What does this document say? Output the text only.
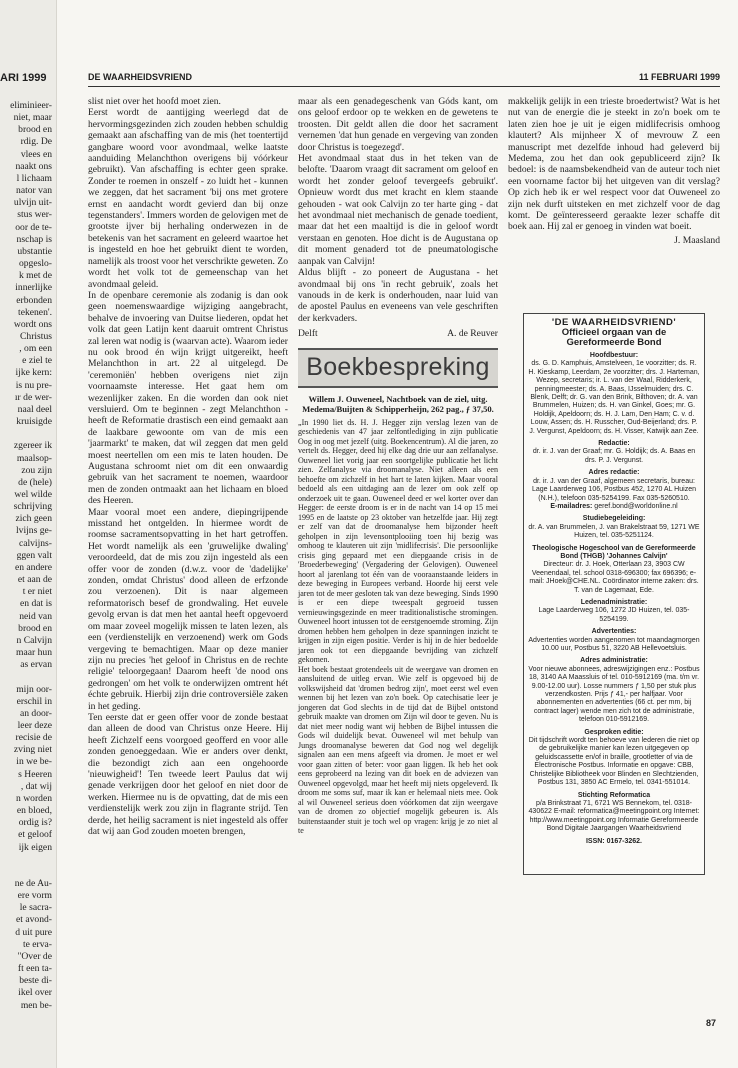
ARI 1999
eliminieer-
niet, maar
brood en
rdig. De
vlees en
naakt ons
l lichaam
nator van
ulvijn uit-
stus wer-
oor de te-
nschap is
ubstantie
opgeslo-
k met de
innerlijke
erbonden
tekenen'.
wordt ons
Christus
, om een
e ziel te
ijke kern:
is nu pre-
ır de wer-
naal deel
kruisigde

zgereer ik
maalsop-
zou zijn
de (hele)
wel wilde
schrijving
zich geen
lvijns ge-
calvijns-
ggen valt
en andere
et aan de
t er niet
en dat is
neid van
brood en
n Calvijn
maar hun
as ervan

mijn oor-
erschil in
an door-
leer deze
recisie de
zving niet
in we be-
s Heeren
, dat wij
n worden
en bloed,
ordig is?
et geloof
ijk eigen

ne de Au-
ere vorm
le sacra-
et avond-
d uit pure
te erva-
"Over de
ft een ta-
beste di-
ikel over
men be-
DE WAARHEIDSVRIEND	11 FEBRUARI 1999

slist niet over het hoofd moet zien.

Eerst wordt de aantijging weerlegd dat de hervormingsgezinden zich zouden hebben schuldig gemaakt aan afschaffing van de mis (het toentertijd gangbare woord voor avondmaal, welke laatste aanduiding Melanchthon overigens bij vóórkeur gebruikt). Van afschaffing is echter geen sprake. Zonder te roemen in onszelf - zo luidt het - kunnen we zeggen, dat het sacrament 'bij ons met grotere ernst en aandacht wordt gevierd dan bij onze tegenstanders'. Immers worden de gelovigen met de grootste ijver bij herhaling onderwezen in de betekenis van het sacrament en geleerd waartoe het is ingesteld en hoe het gebruikt dient te worden, namelijk als troost voor het verschrikte geweten. Zo wordt het volk tot de gemeenschap van het avondmaal geleid.

In de openbare ceremonie als zodanig is dan ook geen noemenswaardige wijziging aangebracht, behalve de invoering van Duitse liederen, opdat het volk dat geen Latijn kent daaruit omtrent Christus zal leren wat nodig is (waarvan acte). Waarom ieder nu ook brood én wijn krijgt uitgereikt, heeft Melanchthon in art. 22 al uitgelegd. De 'ceremoniën' hebben overigens niet zijn voornaamste interesse. Het gaat hem om wezenlijker zaken. En die worden dan ook niet versluierd. Om te beginnen - zegt Melanchthon - heeft de Reformatie drastisch een eind gemaakt aan de laakbare gewoonte om van de mis een 'jaarmarkt' te maken, dat wil zeggen dat men geld moest neertellen om een mis te laten houden. De Augustana schroomt niet om dit een onwaardig gebruik van het sacrament te noemen, waardoor men de zonden ontmaakt aan het lichaam en bloed des Heeren.

Maar vooral moet een andere, diepingrijpende misstand het ontgelden. In hiermee wordt de roomse sacramentsopvatting in het hart getroffen. Het wordt namelijk als een 'gruwelijke dwaling' veroordeeld, dat de mis zou zijn ingesteld als een offer voor de zonden (d.w.z. voor de 'dadelijke' zonden, omdat Christus' dood alleen de erfzonde zou verzoenen). Dit is naar algemeen reformatorisch besef de grondwaling. Het euvele gevolg ervan is dat men het aantal heeft opgevoerd om maar zoveel mogelijk missen te laten lezen, als een (verdienstelijk en verzoenend) werk om Gods vergeving te bemachtigen. Maar op deze manier zijn nu precies 'het geloof in Christus en de rechte religie' teloorgegaan! Daarom heeft 'de nood ons gedrongen' om het volk te onderwijzen omtrent hét échte gebruik. Hierbij zijn drie controversiële zaken in het geding.

Ten eerste dat er geen offer voor de zonde bestaat dan alleen de dood van Christus onze Heere. Hij heeft Zichzelf eens voorgoed geofferd en voor alle zonden genoeggedaan. Wie er anders over denkt, die bezondigt zich aan een ongehoorde 'nieuwigheid'! Ten tweede leert Paulus dat wij genade verkrijgen door het geloof en niet door de werken. Hiermee nu is de opvatting, dat de mis een verdienstelijk werk zou zijn in flagrante strijd. Ten derde, het heilig sacrament is niet ingesteld als offer dat wij aan God zouden moeten brengen,

maar als een genadegeschenk van Góds kant, om ons geloof erdoor op te wekken en de gewetens te troosten. Dit geldt allen die door het sacrament vernemen 'dat hun genade en vergeving van zonden door Christus is toegezegd'.

Het avondmaal staat dus in het teken van de belofte. 'Daarom vraagt dit sacrament om geloof en wordt het zonder geloof tevergeefs gebruikt'. Opnieuw wordt dus met kracht en klem staande gehouden - wat ook Calvijn zo ter harte ging - dat het avondmaal niet mechanisch de genade toedient, maar dat het een maaltijd is die in geloof wordt verstaan en genoten. Hoe dicht is de Augustana op dit moment genaderd tot de pneumatologische aanpak van Calvijn!

Aldus blijft - zo poneert de Augustana - het avondmaal bij ons 'in recht gebruik', zoals het vanouds in de kerk is onderhouden, naar luid van de apostel Paulus en eveneens van vele geschriften der kerkvaders.

Delft	A. de Reuver
Boekbespreking
Willem J. Ouweneel, Nachtboek van de ziel, uitg. Medema/Buijten & Schipperheijn, 262 pag., ƒ 37,50.

„In 1990 liet ds. H. J. Hegger zijn verslag lezen van de geschiedenis van 47 jaar zelfontlediging in zijn publicatie Oog in oog met jezelf (uitg. Boekencentrum). Al die jaren, zo vertelt ds. Hegger, deed hij elke dag drie uur aan zelfanalyse. Ouweneel liet vorig jaar een soortgelijke publicatie het licht zien. Zelfanalyse via droomanalyse. Niet alleen als een behoefte om zichzelf in het hart te laten kijken. Maar vooral bedoeld als een uitdaging aan de lezer om ook zelf op onderzoek uit te gaan. Ouweneel deed er wel korter over dan Hegger: de eerste droom is er in de nacht van 14 op 15 mei 1995 en de laatste op 23 oktober van hetzelfde jaar. Hij zegt er zelf van dat de droomanalyse hem bijzonder heeft geholpen in zijn levensontplooiing toen hij bezig was omhoog te klauteren uit zijn 'midlifecrisis'. Die persoonlijke crisis ging gepaard met een diepgaande crisis in de 'Broederbeweging' (Vergadering der Gelovigen). Ouweneel hoort al jarenlang tot één van de vooraanstaande leiders in deze beweging in Europees verband. Hoorde hij eerst vele jaren tot de meer gesloten tak van deze beweging. Sinds 1990 is er een diepe tweespalt gegroeid tussen vernieuwingsgezinde en meer traditionalistische stromingen. Ouweneel hoort intussen tot de eerstgenoemde stroming. Zijn dromen hebben hem geholpen in deze spanningen inzicht te krijgen in zijn eigen positie. Verder is hij in de hier bedoelde jaren ook tot een diepgaande bevrijding van zichzelf gekomen.

Het boek bestaat grotendeels uit de weergave van dromen en aansluitend de uitleg ervan. Wie zelf is opgevoed bij de volkswijsheid dat 'dromen bedrog zijn', moet eerst wel even wennen bij het lezen van zo'n boek. Op catechisatie leer je jongeren dat God slechts in de tijd dat de Bijbel ontstond gebruik maakte van dromen om Zijn wil door te geven. Nu is dat niet meer nodig want wij hebben de Bijbel intussen die Gods wil duidelijk bevat. Ouweneel wil met behulp van Jungs droomanalyse beweren dat God nog wel degelijk signalen aan een mens afgeeft via dromen. Je moet er wel voor gaan zitten of beter: voor gaan liggen. Ik heb het ook eens geprobeerd na lezing van dit boek en de adviezen van Ouweneel opgevolgd, maar het heeft mij niets opgeleverd. Ik droom me soms suf, maar ik kan er helemaal niets mee. Ook al wil Ouweneel serieus doen vóórkomen dat zijn weergave van de dromen zo objectief mogelijk gebeuren is. Als buitenstaander stuit je toch wel op vragen: krijg je zo niet al te

makkelijk gelijk in een trieste broedertwist? Wat is het nut van de energie die je steekt in zo'n boek om te laten zien hoe je uit je eigen midlifecrisis omhoog klautert? Als mijnheer X of mevrouw Z een manuscript met dezelfde inhoud had geleverd bij Medema, zou het dan ook gepubliceerd zijn? Ik bedoel: is de naamsbekendheid van de auteur toch niet een voorname factor bij het uitgeven van dit verslag? Op zich heb ik er wel respect voor dat Ouweneel zo zijn nek durft uitsteken en met zichzelf voor de dag komt. De geïnteresseerd geraakte lezer schaffe dit boek aan. Hij zal er genoeg in vinden wat boeit.

J. Maasland
'DE WAARHEIDSVRIEND'
Officieel orgaan van de Gereformeerde Bond
Hoofdbestuur:
ds. G. D. Kamphuis, Amstelveen, 1e voorzitter; ds. R. H. Kieskamp, Leerdam, 2e voorzitter; drs. J. Harteman, Wezep, secretaris; ir. L. van der Waal, Ridderkerk, penningmeester; ds. A. Baas, IJsselmuiden; drs. C. Blenk, Delft; dr. G. van den Brink, Bilthoven; dr. A. van Brummelen, Huizen; ds. H. van Ginkel, Goes; mr. G. Holdijk, Apeldoorn; ds. H. J. Lam, Den Ham; C. v. d. Louw, Assen; ds. H. Russcher, Oud-Beijerland; drs. P. J. Vergunst, Apeldoorn; ds. H. Visser, Katwijk aan Zee.
Redactie:
dr. ir. J. van der Graaf; mr. G. Holdijk; ds. A. Baas en drs. P. J. Vergunst.
Adres redactie:
dr. ir. J. van der Graaf, algemeen secretaris, bureau: Lage Laarderweg 106, Postbus 452, 1270 AL Huizen (N.H.), telefoon 035-5254199. Fax 035-5260510.
E-mailadres: geref.bond@worldonline.nl
Studiebegeleiding:
dr. A. van Brummelen, J. van Brakelstraat 59, 1271 WE Huizen, tel. 035-5251124.
Theologische Hogeschool van de Gereformeerde Bond (THGB) 'Johannes Calvijn'
Directeur: dr. J. Hoek, Otterlaan 23, 3903 CW Veenendaal, tel. school 0318-696300; fax 696396; e-mail: JHoek@CHE.NL. Coördinator interne zaken: drs. T. van de Lagemaat, Ede.
Ledenadministratie:
Lage Laarderweg 106, 1272 JD Huizen, tel. 035-5254199.
Advertenties:
Advertenties worden aangenomen tot maandagmorgen 10.00 uur, Postbus 51, 3220 AB Hellevoetsluis.
Adres administratie:
Voor nieuwe abonnees, adreswijzigingen enz.: Postbus 18, 3140 AA Maassluis of tel. 010-5912169 (ma. t/m vr. 9.00-12.00 uur). Losse nummers ƒ 1,50 per stuk plus verzendkosten. Prijs ƒ 41,- per halfjaar. Voor abonnementen en advertenties (66 ct. per mm, bij contract lager) wende men zich tot de administratie, telefoon 010-5912169.
Gesproken editie:
Dit tijdschrift wordt ten behoeve van lederen die niet op de gebruikelijke manier kan lezen uitgegeven op geluidscassette en/of in braille, grootletter of via de Electronische Postbus. Informatie en opgave: CBB, Christelijke Bibliotheek voor Blinden en Slechtzienden, Postbus 131, 3850 AC Ermelo, tel. 0341-551014.
Stichting Reformatica
p/a Brinkstraat 71, 6721 WS Bennekom, tel. 0318-430622 E-mail: reformatica@meetingpoint.org Internet: http://www.meetingpoint.org Informatie Gereformeerde Bond Digitale Jaargangen Waarheidsvriend
ISSN: 0167-3262.
87
